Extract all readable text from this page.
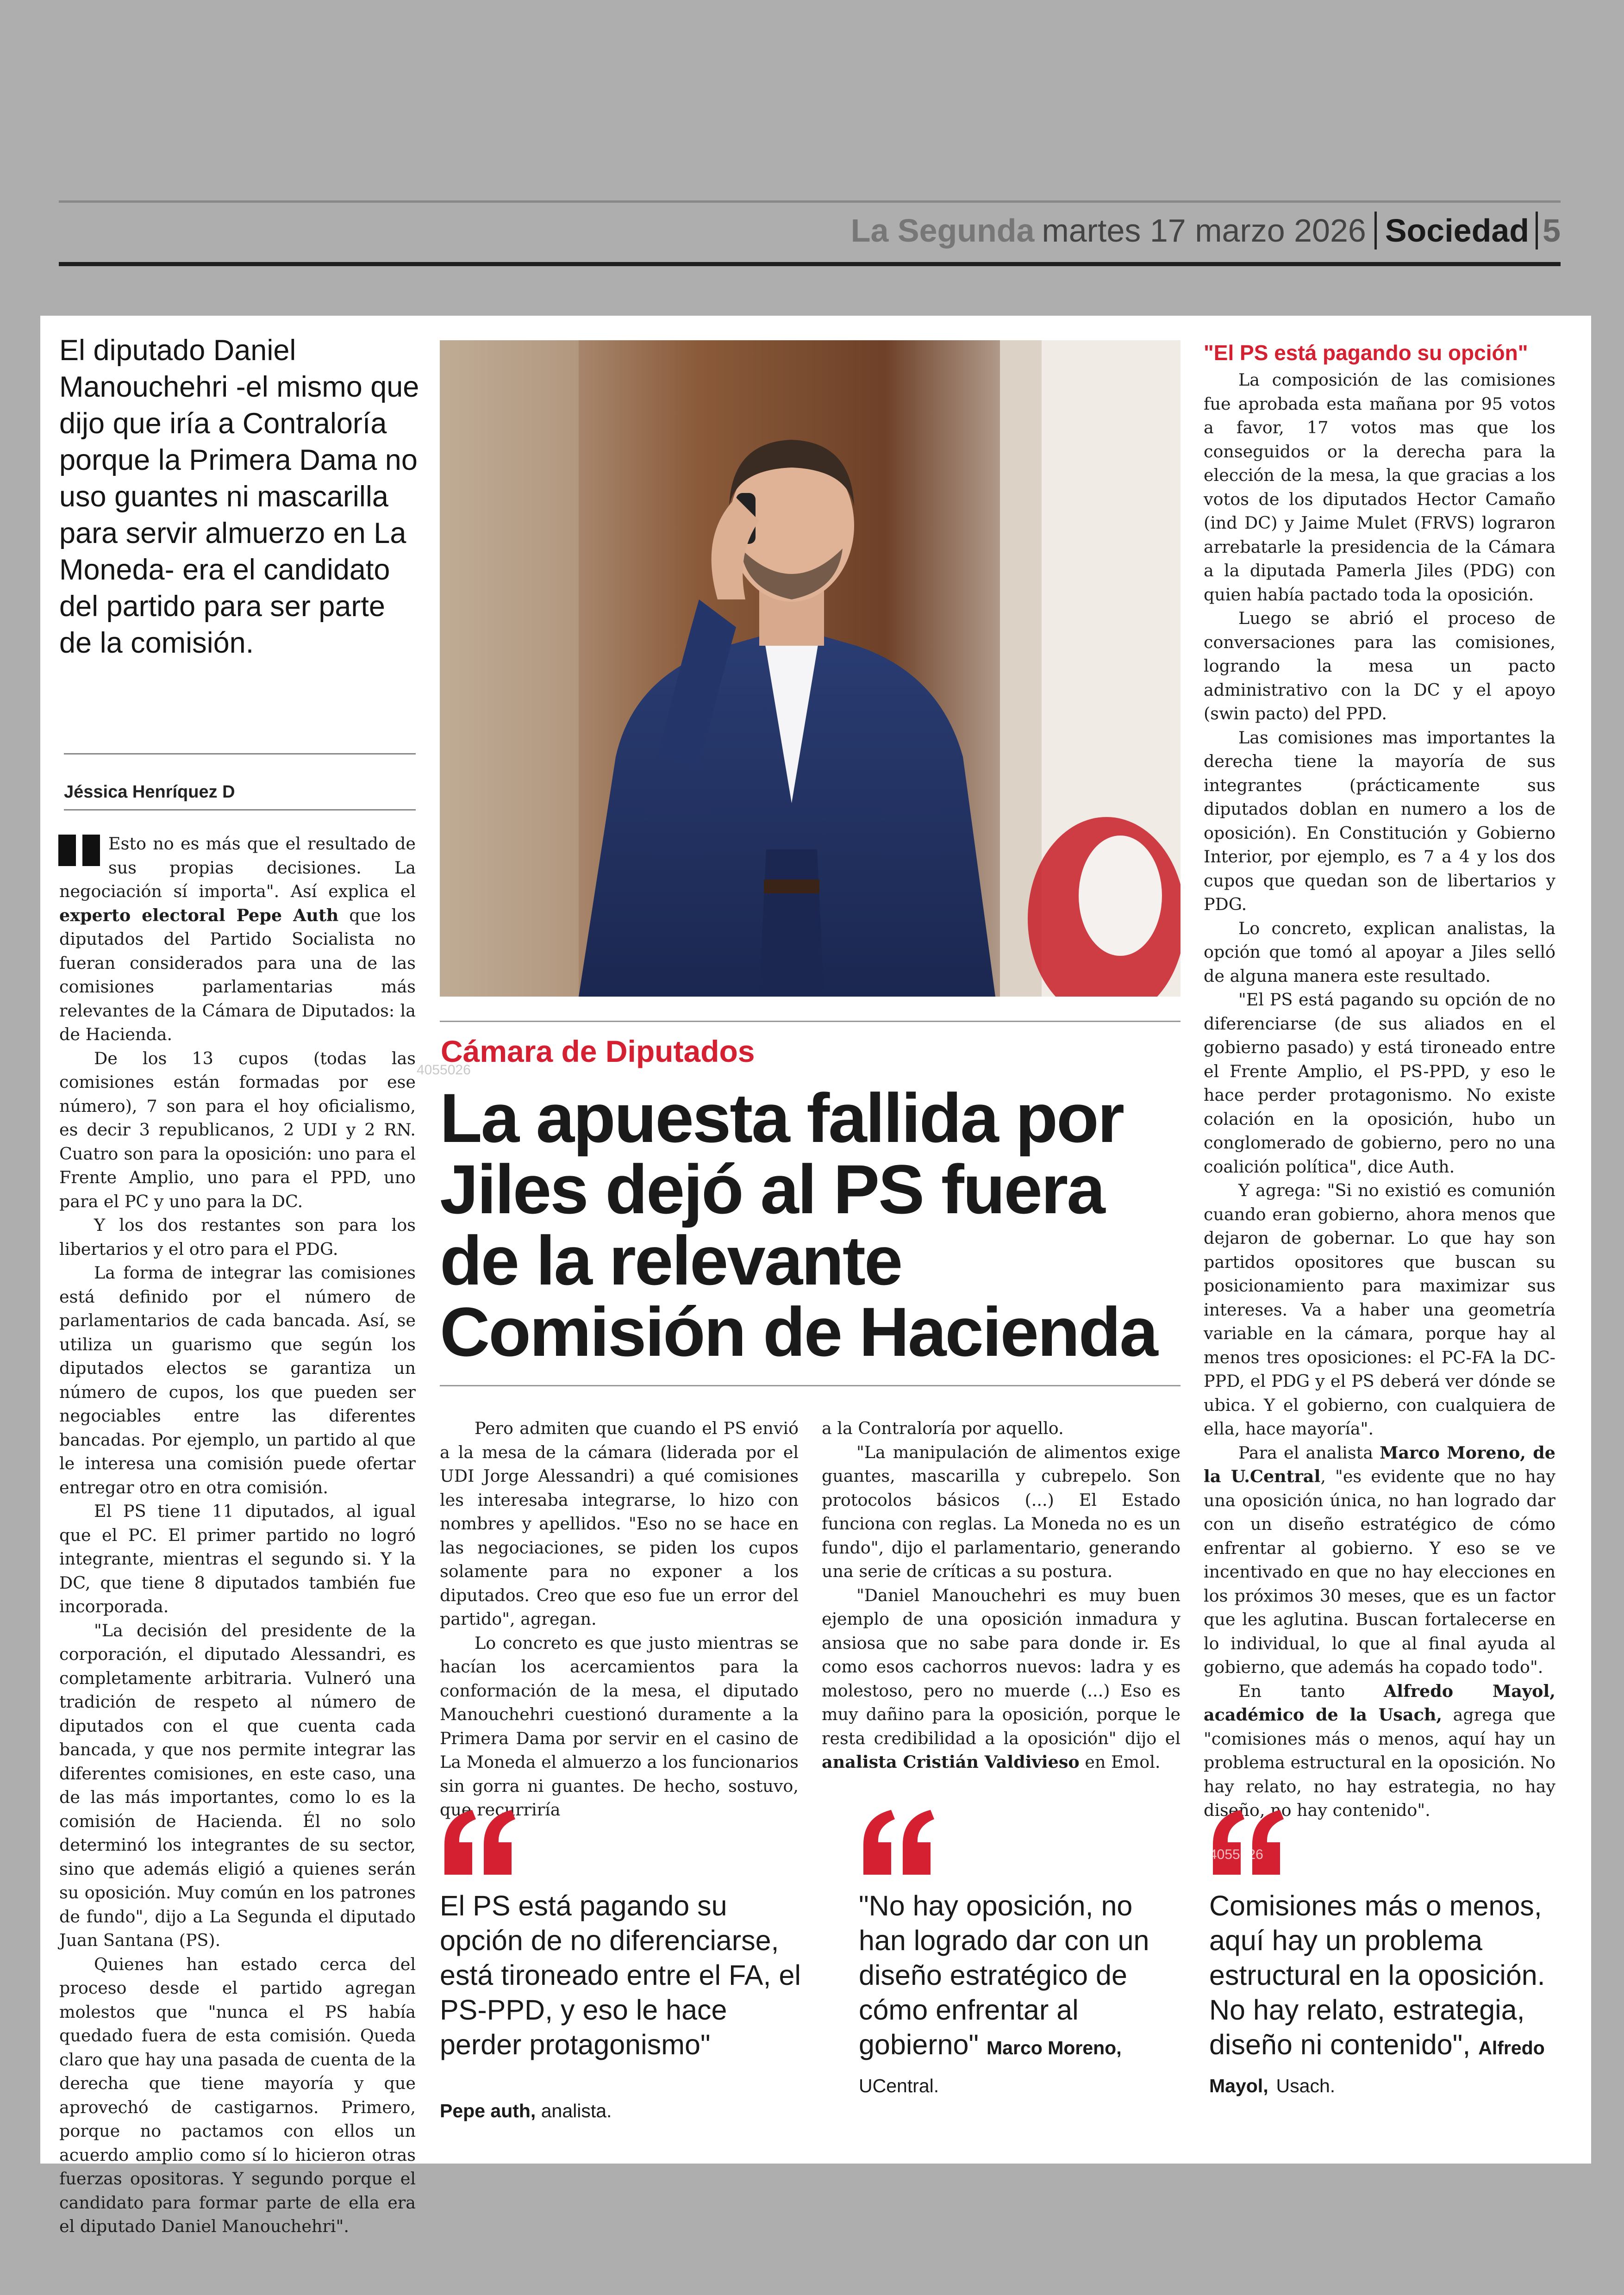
La Segunda martes 17 marzo 2026 Sociedad 5
El diputado Daniel Manouchehri -el mismo que dijo que iría a Contraloría porque la Primera Dama no uso guantes ni mascarilla para servir almuerzo en La Moneda- era el candidato del partido para ser parte de la comisión.
Jéssica Henríquez D

Esto no es más que el resultado de sus propias decisiones. La negociación sí importa". Así explica el experto electoral Pepe Auth que los diputados del Partido Socialista no fueran considerados para una de las comisiones parlamentarias más relevantes de la Cámara de Diputados: la de Hacienda.

De los 13 cupos (todas las comisiones están formadas por ese número), 7 son para el hoy oficialismo, es decir 3 republicanos, 2 UDI y 2 RN. Cuatro son para la oposición: uno para el Frente Amplio, uno para el PPD, uno para el PC y uno para la DC.

Y los dos restantes son para los libertarios y el otro para el PDG.

La forma de integrar las comisiones está definido por el número de parlamentarios de cada bancada. Así, se utiliza un guarismo que según los diputados electos se garantiza un número de cupos, los que pueden ser negociables entre las diferentes bancadas. Por ejemplo, un partido al que le interesa una comisión puede ofertar entregar otro en otra comisión.

El PS tiene 11 diputados, al igual que el PC. El primer partido no logró integrante, mientras el segundo si. Y la DC, que tiene 8 diputados también fue incorporada.

"La decisión del presidente de la corporación, el diputado Alessandri, es completamente arbitraria. Vulneró una tradición de respeto al número de diputados con el que cuenta cada bancada, y que nos permite integrar las diferentes comisiones, en este caso, una de las más importantes, como lo es la comisión de Hacienda. Él no solo determinó los integrantes de su sector, sino que además eligió a quienes serán su oposición. Muy común en los patrones de fundo", dijo a La Segunda el diputado Juan Santana (PS).

Quienes han estado cerca del proceso desde el partido agregan molestos que "nunca el PS había quedado fuera de esta comisión. Queda claro que hay una pasada de cuenta de la derecha que tiene mayoría y que aprovechó de castigarnos. Primero, porque no pactamos con ellos un acuerdo amplio como sí lo hicieron otras fuerzas opositoras. Y segundo porque el candidato para formar parte de ella era el diputado Daniel Manouchehri".

Cámara de Diputados
4055026
La apuesta fallida por Jiles dejó al PS fuera de la relevante Comisión de Hacienda

Pero admiten que cuando el PS envió a la mesa de la cámara (liderada por el UDI Jorge Alessandri) a qué comisiones les interesaba integrarse, lo hizo con nombres y apellidos. "Eso no se hace en las negociaciones, se piden los cupos solamente para no exponer a los diputados. Creo que eso fue un error del partido", agregan.

Lo concreto es que justo mientras se hacían los acercamientos para la conformación de la mesa, el diputado Manouchehri cuestionó duramente a la Primera Dama por servir en el casino de La Moneda el almuerzo a los funcionarios sin gorra ni guantes. De hecho, sostuvo, que recurriría

a la Contraloría por aquello.

"La manipulación de alimentos exige guantes, mascarilla y cubrepelo. Son protocolos básicos (...) El Estado funciona con reglas. La Moneda no es un fundo", dijo el parlamentario, generando una serie de críticas a su postura.

"Daniel Manouchehri es muy buen ejemplo de una oposición inmadura y ansiosa que no sabe para donde ir. Es como esos cachorros nuevos: ladra y es molestoso, pero no muerde (...) Eso es muy dañino para la oposición, porque le resta credibilidad a la oposición" dijo el analista Cristián Valdivieso en Emol.

"El PS está pagando su opción"

La composición de las comisiones fue aprobada esta mañana por 95 votos a favor, 17 votos mas que los conseguidos or la derecha para la elección de la mesa, la que gracias a los votos de los diputados Hector Camaño (ind DC) y Jaime Mulet (FRVS) lograron arrebatarle la presidencia de la Cámara a la diputada Pamerla Jiles (PDG) con quien había pactado toda la oposición.

Luego se abrió el proceso de conversaciones para las comisiones, logrando la mesa un pacto administrativo con la DC y el apoyo (swin pacto) del PPD.

Las comisiones mas importantes la derecha tiene la mayoría de sus integrantes (prácticamente sus diputados doblan en numero a los de oposición). En Constitución y Gobierno Interior, por ejemplo, es 7 a 4 y los dos cupos que quedan son de libertarios y PDG.

Lo concreto, explican analistas, la opción que tomó al apoyar a Jiles selló de alguna manera este resultado.

"El PS está pagando su opción de no diferenciarse (de sus aliados en el gobierno pasado) y está tironeado entre el Frente Amplio, el PS-PPD, y eso le hace perder protagonismo. No existe colación en la oposición, hubo un conglomerado de gobierno, pero no una coalición política", dice Auth.

Y agrega: "Si no existió es comunión cuando eran gobierno, ahora menos que dejaron de gobernar. Lo que hay son partidos opositores que buscan su posicionamiento para maximizar sus intereses. Va a haber una geometría variable en la cámara, porque hay al menos tres oposiciones: el PC-FA la DC-PPD, el PDG y el PS deberá ver dónde se ubica. Y el gobierno, con cualquiera de ella, hace mayoría".

Para el analista Marco Moreno, de la U.Central, "es evidente que no hay una oposición única, no han logrado dar con un diseño estratégico de cómo enfrentar al gobierno. Y eso se ve incentivado en que no hay elecciones en los próximos 30 meses, que es un factor que les aglutina. Buscan fortalecerse en lo individual, lo que al final ayuda al gobierno, que además ha copado todo".

En tanto Alfredo Mayol, académico de la Usach, agrega que "comisiones más o menos, aquí hay un problema estructural en la oposición. No hay relato, no hay estrategia, no hay diseño, no hay contenido".

El PS está pagando su opción de no diferenciarse, está tironeado entre el FA, el PS-PPD, y eso le hace perder protagonismo"
Pepe auth, analista.
"No hay oposición, no han logrado dar con un diseño estratégico de cómo enfrentar al gobierno" Marco Moreno, UCentral.
4055026
Comisiones más o menos, aquí hay un problema estructural en la oposición. No hay relato, estrategia, diseño ni contenido", Alfredo Mayol, Usach.
